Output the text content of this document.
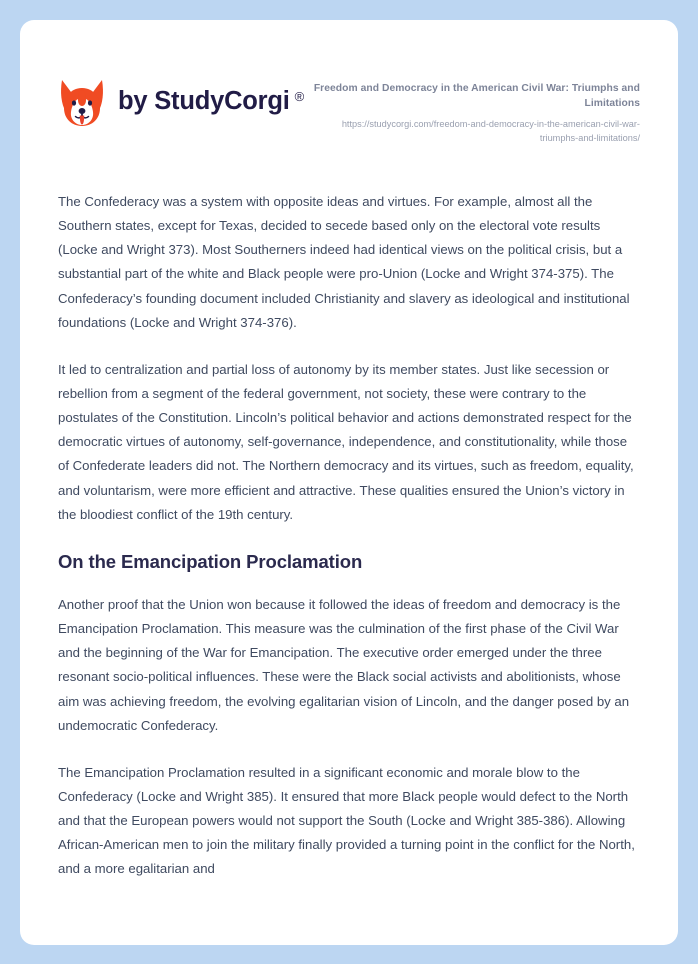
by StudyCorgi ®
Freedom and Democracy in the American Civil War: Triumphs and Limitations
https://studycorgi.com/freedom-and-democracy-in-the-american-civil-war-triumphs-and-limitations/

The Confederacy was a system with opposite ideas and virtues. For example, almost all the Southern states, except for Texas, decided to secede based only on the electoral vote results (Locke and Wright 373). Most Southerners indeed had identical views on the political crisis, but a substantial part of the white and Black people were pro-Union (Locke and Wright 374-375). The Confederacy’s founding document included Christianity and slavery as ideological and institutional foundations (Locke and Wright 374-376).

It led to centralization and partial loss of autonomy by its member states. Just like secession or rebellion from a segment of the federal government, not society, these were contrary to the postulates of the Constitution. Lincoln’s political behavior and actions demonstrated respect for the democratic virtues of autonomy, self-governance, independence, and constitutionality, while those of Confederate leaders did not. The Northern democracy and its virtues, such as freedom, equality, and voluntarism, were more efficient and attractive. These qualities ensured the Union’s victory in the bloodiest conflict of the 19th century.

On the Emancipation Proclamation

Another proof that the Union won because it followed the ideas of freedom and democracy is the Emancipation Proclamation. This measure was the culmination of the first phase of the Civil War and the beginning of the War for Emancipation. The executive order emerged under the three resonant socio-political influences. These were the Black social activists and abolitionists, whose aim was achieving freedom, the evolving egalitarian vision of Lincoln, and the danger posed by an undemocratic Confederacy.

The Emancipation Proclamation resulted in a significant economic and morale blow to the Confederacy (Locke and Wright 385). It ensured that more Black people would defect to the North and that the European powers would not support the South (Locke and Wright 385-386). Allowing African-American men to join the military finally provided a turning point in the conflict for the North, and a more egalitarian and
